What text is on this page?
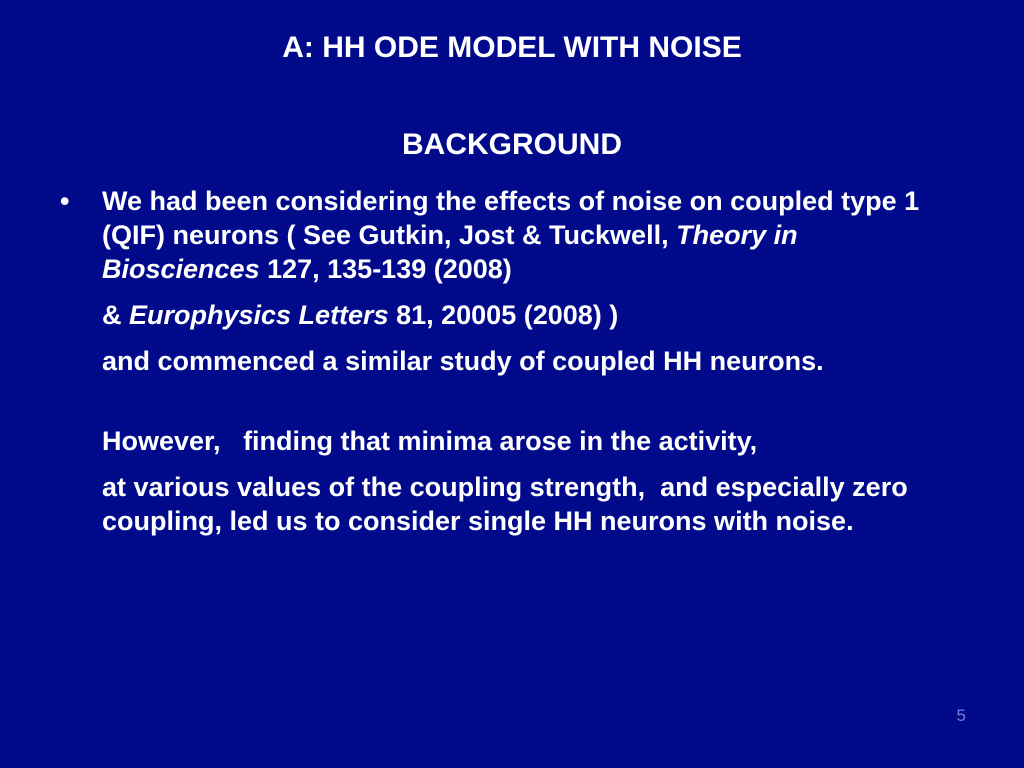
A: HH ODE MODEL WITH NOISE
BACKGROUND
• We had been considering the effects of noise on coupled type 1 (QIF) neurons ( See Gutkin, Jost & Tuckwell, Theory in Biosciences 127, 135-139 (2008)

& Europhysics Letters 81, 20005 (2008) )

and commenced a similar study of coupled HH neurons.

However,   finding that minima arose in the activity,

at various values of the coupling strength,  and especially zero coupling, led us to consider single HH neurons with noise.

5
